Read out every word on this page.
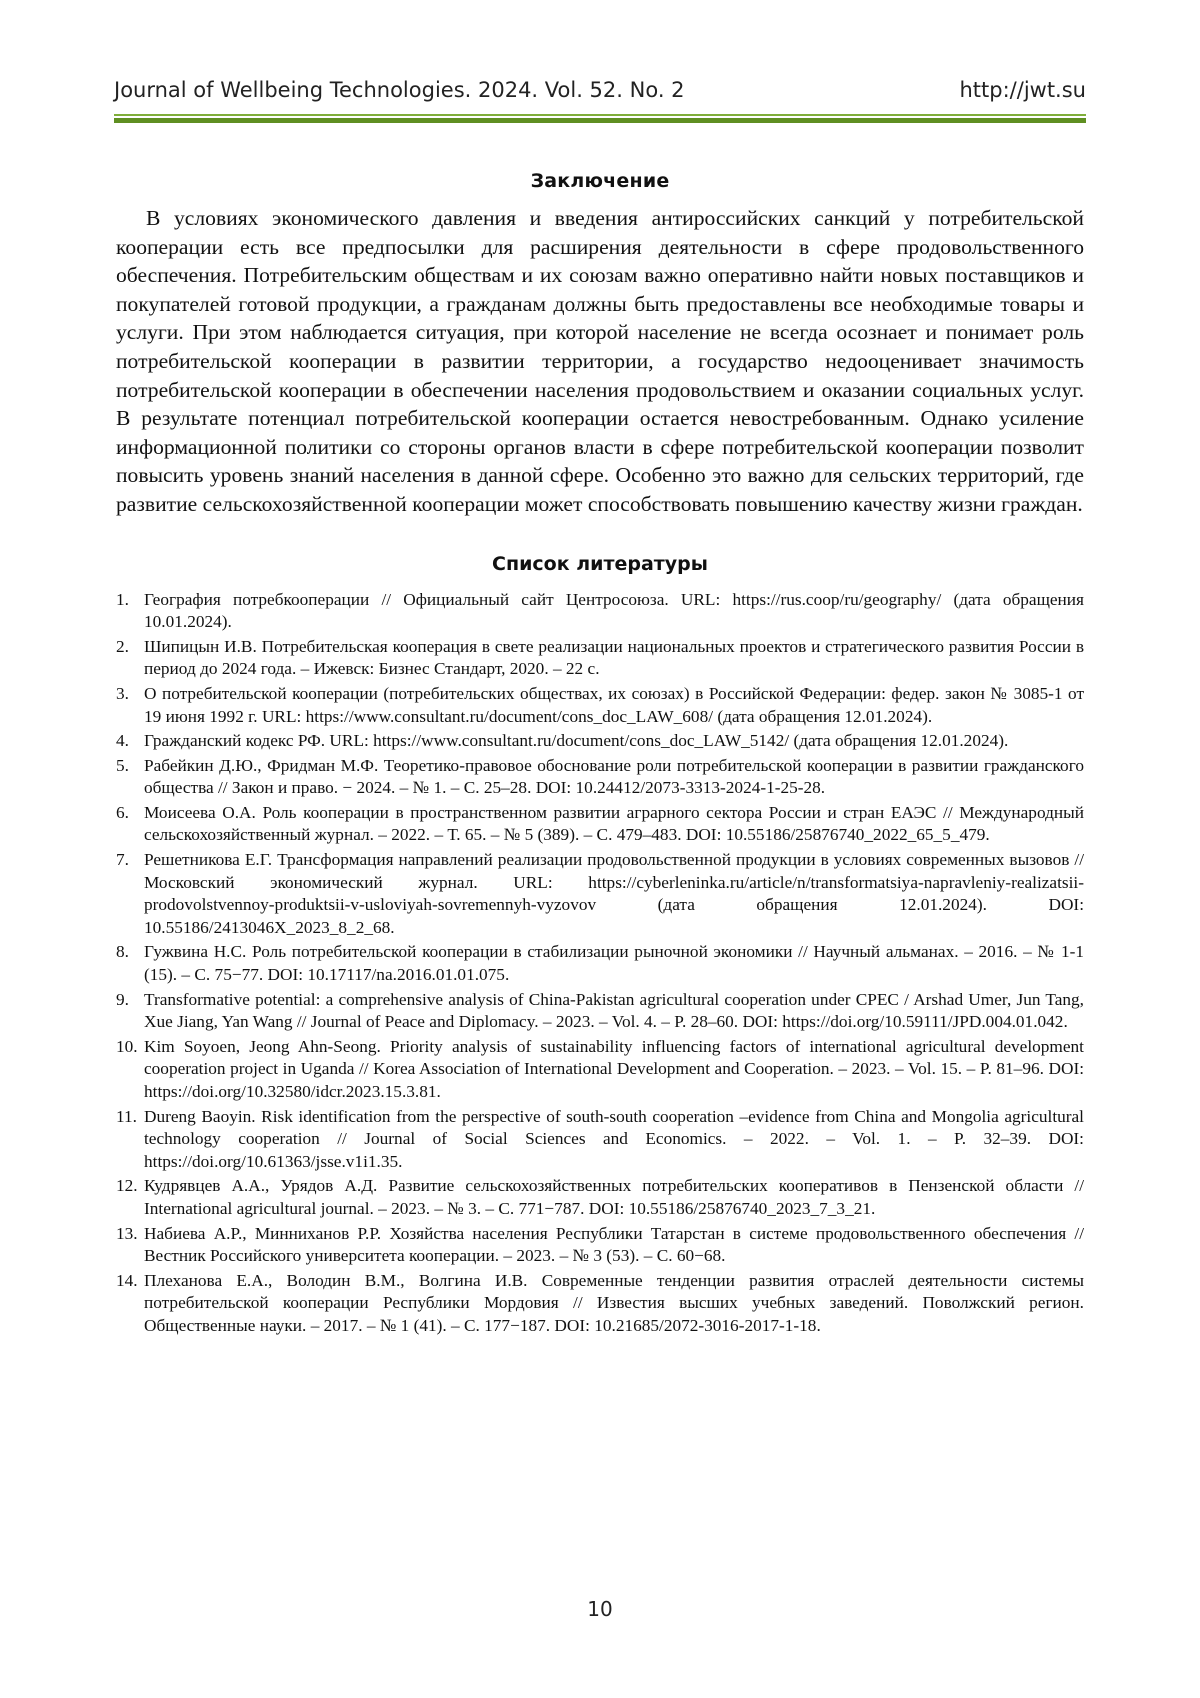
Journal of Wellbeing Technologies. 2024. Vol. 52. No. 2	http://jwt.su
Заключение

В условиях экономического давления и введения антироссийских санкций у потребительской кооперации есть все предпосылки для расширения деятельности в сфере продовольственного обеспечения. Потребительским обществам и их союзам важно оперативно найти новых поставщиков и покупателей готовой продукции, а гражданам должны быть предоставлены все необходимые товары и услуги. При этом наблюдается ситуация, при которой население не всегда осознает и понимает роль потребительской кооперации в развитии территории, а государство недооценивает значимость потребительской кооперации в обеспечении населения продовольствием и оказании социальных услуг. В результате потенциал потребительской кооперации остается невостребованным. Однако усиление информационной политики со стороны органов власти в сфере потребительской кооперации позволит повысить уровень знаний населения в данной сфере. Особенно это важно для сельских территорий, где развитие сельскохозяйственной кооперации может способствовать повышению качеству жизни граждан.

Список литературы
1. География потребкооперации // Официальный сайт Центросоюза. URL: https://rus.coop/ru/geography/ (дата обращения 10.01.2024).
2. Шипицын И.В. Потребительская кооперация в свете реализации национальных проектов и стратегического развития России в период до 2024 года. – Ижевск: Бизнес Стандарт, 2020. – 22 с.
3. О потребительской кооперации (потребительских обществах, их союзах) в Российской Федерации: федер. закон № 3085-1 от 19 июня 1992 г. URL: https://www.consultant.ru/document/cons_doc_LAW_608/ (дата обращения 12.01.2024).
4. Гражданский кодекс РФ. URL: https://www.consultant.ru/document/cons_doc_LAW_5142/ (дата обращения 12.01.2024).
5. Рабейкин Д.Ю., Фридман М.Ф. Теоретико-правовое обоснование роли потребительской кооперации в развитии гражданского общества // Закон и право. − 2024. – № 1. – С. 25–28. DOI: 10.24412/2073-3313-2024-1-25-28.
6. Моисеева О.А. Роль кооперации в пространственном развитии аграрного сектора России и стран ЕАЭС // Международный сельскохозяйственный журнал. – 2022. – Т. 65. – № 5 (389). – С. 479–483. DOI: 10.55186/25876740_2022_65_5_479.
7. Решетникова Е.Г. Трансформация направлений реализации продовольственной продукции в условиях современных вызовов // Московский экономический журнал. URL: https://cyberleninka.ru/article/n/transformatsiya-napravleniy-realizatsii-prodovolstvennoy-produktsii-v-usloviyah-sovremennyh-vyzovov (дата обращения 12.01.2024). DOI: 10.55186/2413046X_2023_8_2_68.
8. Гужвина Н.С. Роль потребительской кооперации в стабилизации рыночной экономики // Научный альманах. – 2016. – № 1-1 (15). – С. 75−77. DOI: 10.17117/na.2016.01.01.075.
9. Transformative potential: a comprehensive analysis of China-Pakistan agricultural cooperation under CPEC / Arshad Umer, Jun Tang, Xue Jiang, Yan Wang // Journal of Peace and Diplomacy. – 2023. – Vol. 4. – P. 28–60. DOI: https://doi.org/10.59111/JPD.004.01.042.
10. Kim Soyoen, Jeong Ahn-Seong. Priority analysis of sustainability influencing factors of international agricultural development cooperation project in Uganda // Korea Association of International Development and Cooperation. – 2023. – Vol. 15. – P. 81–96. DOI: https://doi.org/10.32580/idcr.2023.15.3.81.
11. Dureng Baoyin. Risk identification from the perspective of south-south cooperation –evidence from China and Mongolia agricultural technology cooperation // Journal of Social Sciences and Economics. – 2022. – Vol. 1. – P. 32–39. DOI: https://doi.org/10.61363/jsse.v1i1.35.
12. Кудрявцев А.А., Урядов А.Д. Развитие сельскохозяйственных потребительских кооперативов в Пензенской области // International agricultural journal. – 2023. – № 3. – С. 771−787. DOI: 10.55186/25876740_2023_7_3_21.
13. Набиева А.Р., Минниханов Р.Р. Хозяйства населения Республики Татарстан в системе продовольственного обеспечения // Вестник Российского университета кооперации. – 2023. – № 3 (53). – С. 60−68.
14. Плеханова Е.А., Володин В.М., Волгина И.В. Современные тенденции развития отраслей деятельности системы потребительской кооперации Республики Мордовия // Известия высших учебных заведений. Поволжский регион. Общественные науки. – 2017. – № 1 (41). – С. 177−187. DOI: 10.21685/2072-3016-2017-1-18.
10
